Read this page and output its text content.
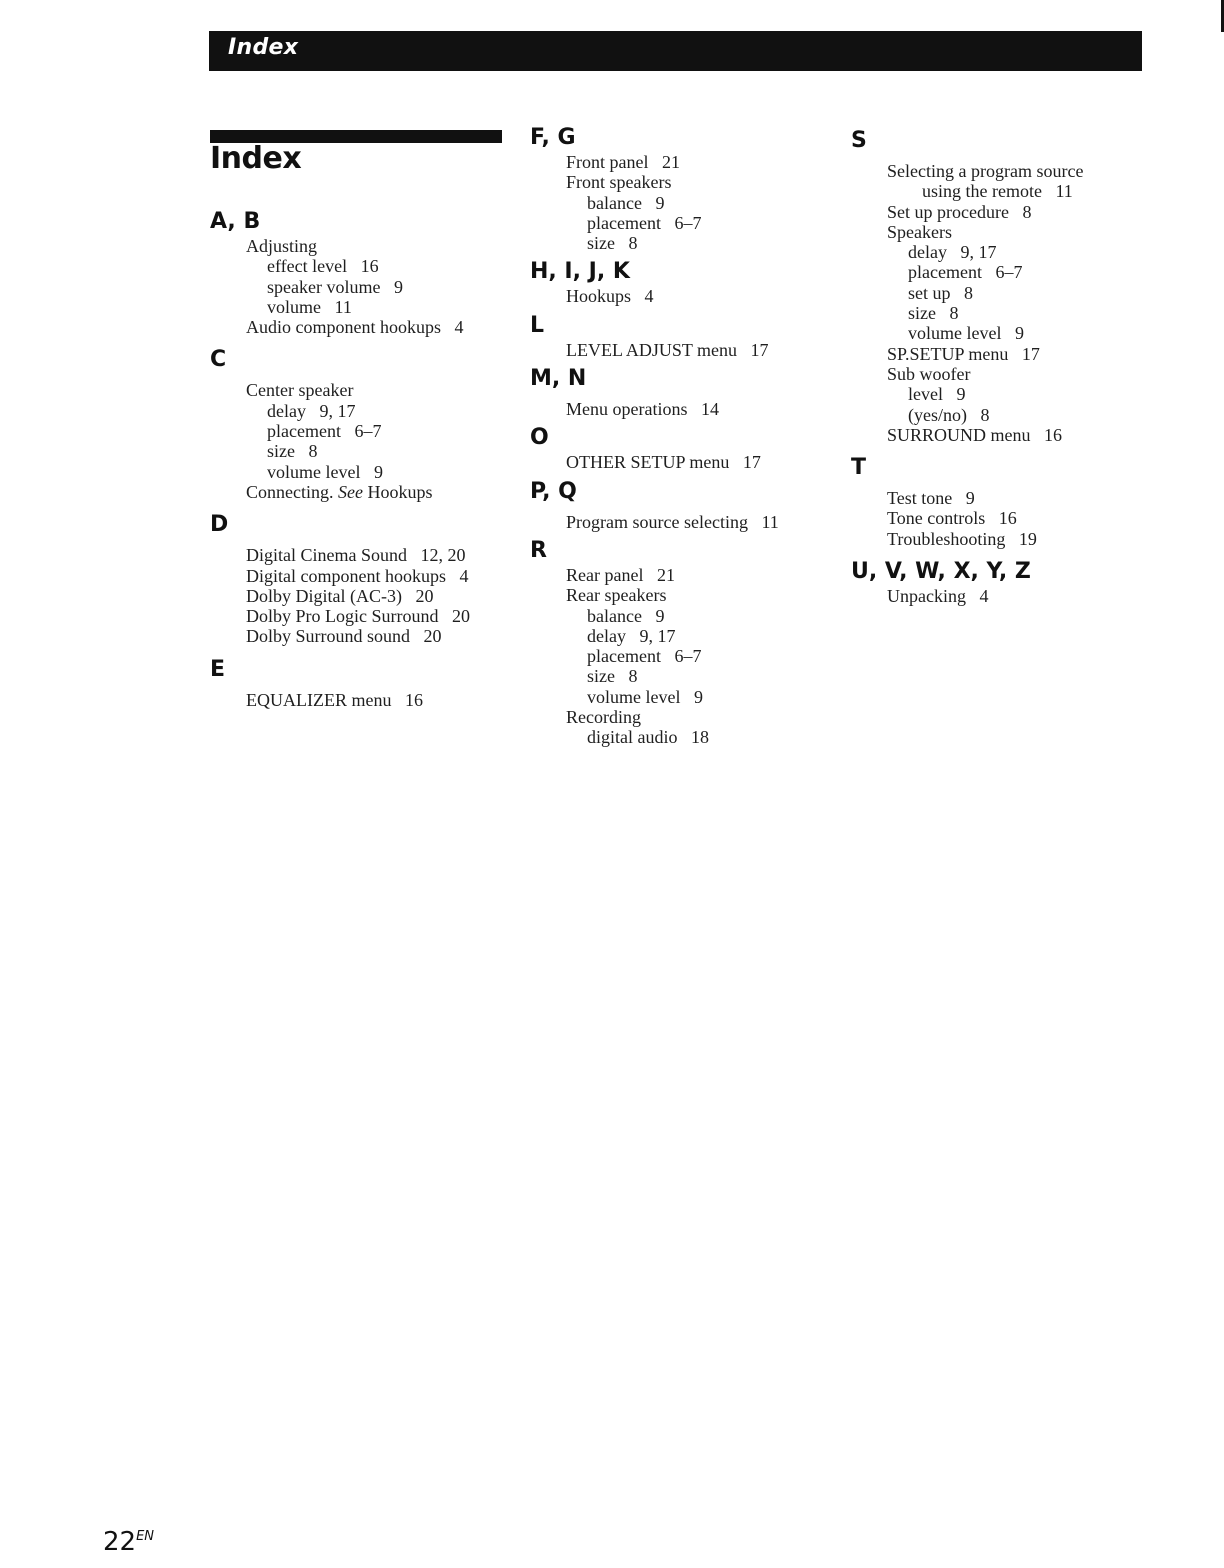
Index
Index
A, B
Adjusting
effect level   16
speaker volume   9
volume   11
Audio component hookups   4
C
Center speaker
delay   9, 17
placement   6–7
size   8
volume level   9
Connecting. See Hookups
D
Digital Cinema Sound   12, 20
Digital component hookups   4
Dolby Digital (AC-3)   20
Dolby Pro Logic Surround   20
Dolby Surround sound   20
E
EQUALIZER menu   16
F, G
Front panel   21
Front speakers
balance   9
placement   6–7
size   8
H, I, J, K
Hookups   4
L
LEVEL ADJUST menu   17
M, N
Menu operations   14
O
OTHER SETUP menu   17
P, Q
Program source selecting   11
R
Rear panel   21
Rear speakers
balance   9
delay   9, 17
placement   6–7
size   8
volume level   9
Recording
digital audio   18
S
Selecting a program source
using the remote   11
Set up procedure   8
Speakers
delay   9, 17
placement   6–7
set up   8
size   8
volume level   9
SP.SETUP menu   17
Sub woofer
level   9
(yes/no)   8
SURROUND menu   16
T
Test tone   9
Tone controls   16
Troubleshooting   19
U, V, W, X, Y, Z
Unpacking   4
$22^{EN}$
